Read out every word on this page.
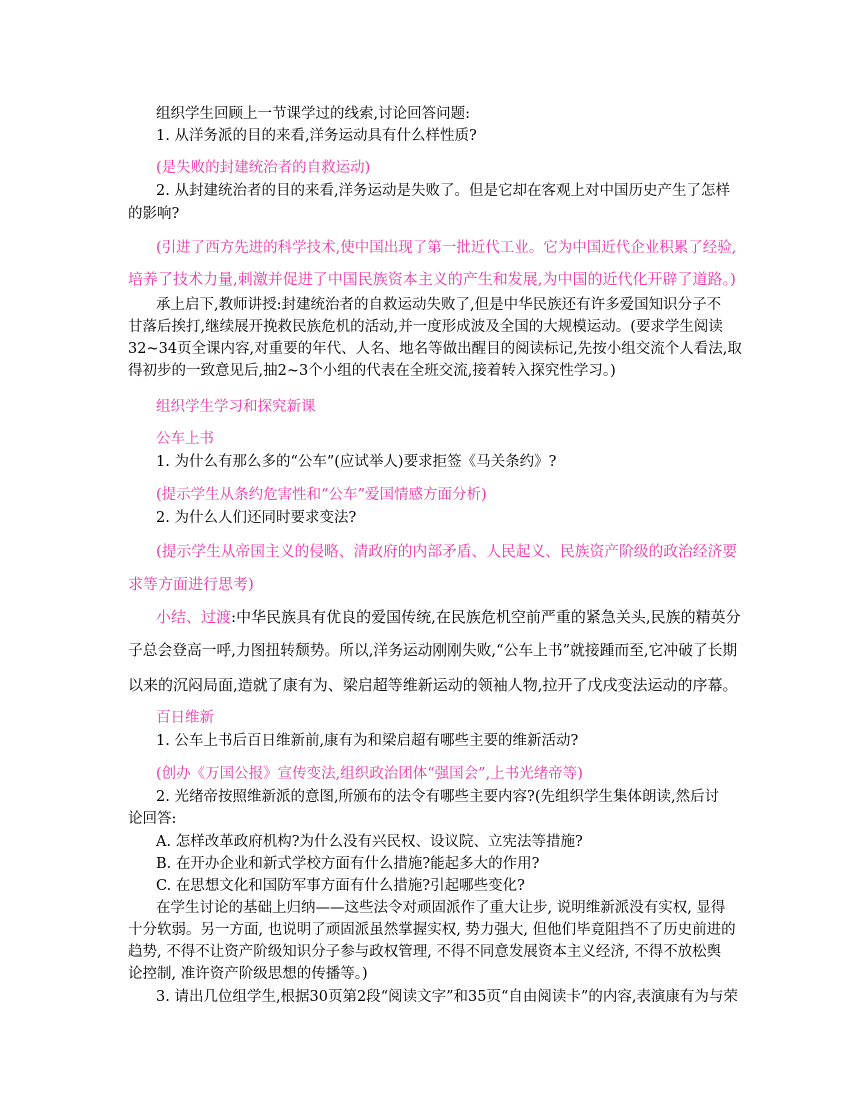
组织学生回顾上一节课学过的线索,讨论回答问题:

1. 从洋务派的目的来看,洋务运动具有什么样性质?

(是失败的封建统治者的自救运动)

2. 从封建统治者的目的来看,洋务运动是失败了。但是它却在客观上对中国历史产生了怎样

的影响?

(引进了西方先进的科学技术,使中国出现了第一批近代工业。它为中国近代企业积累了经验,

培养了技术力量,刺激并促进了中国民族资本主义的产生和发展,为中国的近代化开辟了道路。)

承上启下,教师讲授:封建统治者的自救运动失败了,但是中华民族还有许多爱国知识分子不

甘落后挨打,继续展开挽救民族危机的活动,并一度形成波及全国的大规模运动。(要求学生阅读

32~34页全课内容,对重要的年代、人名、地名等做出醒目的阅读标记,先按小组交流个人看法,取

得初步的一致意见后,抽2~3个小组的代表在全班交流,接着转入探究性学习。)

组织学生学习和探究新课

公车上书

1. 为什么有那么多的“公车”(应试举人)要求拒签《马关条约》?

(提示学生从条约危害性和“公车”爱国情感方面分析)

2. 为什么人们还同时要求变法?

(提示学生从帝国主义的侵略、清政府的内部矛盾、人民起义、民族资产阶级的政治经济要

求等方面进行思考)

小结、过渡:中华民族具有优良的爱国传统,在民族危机空前严重的紧急关头,民族的精英分

子总会登高一呼,力图扭转颓势。所以,洋务运动刚刚失败,“公车上书”就接踵而至,它冲破了长期

以来的沉闷局面,造就了康有为、梁启超等维新运动的领袖人物,拉开了戊戌变法运动的序幕。

百日维新

1. 公车上书后百日维新前,康有为和梁启超有哪些主要的维新活动?

(创办《万国公报》宣传变法,组织政治团体“强国会”,上书光绪帝等)

2. 光绪帝按照维新派的意图,所颁布的法令有哪些主要内容?(先组织学生集体朗读,然后讨

论回答:

A. 怎样改革政府机构?为什么没有兴民权、设议院、立宪法等措施?

B. 在开办企业和新式学校方面有什么措施?能起多大的作用?

C. 在思想文化和国防军事方面有什么措施?引起哪些变化?

在学生讨论的基础上归纳——这些法令对顽固派作了重大让步, 说明维新派没有实权, 显得

十分软弱。另一方面, 也说明了顽固派虽然掌握实权, 势力强大, 但他们毕竟阻挡不了历史前进的

趋势, 不得不让资产阶级知识分子参与政权管理, 不得不同意发展资本主义经济, 不得不放松舆

论控制, 准许资产阶级思想的传播等。)

3. 请出几位组学生,根据30页第2段“阅读文字”和35页“自由阅读卡”的内容,表演康有为与荣
